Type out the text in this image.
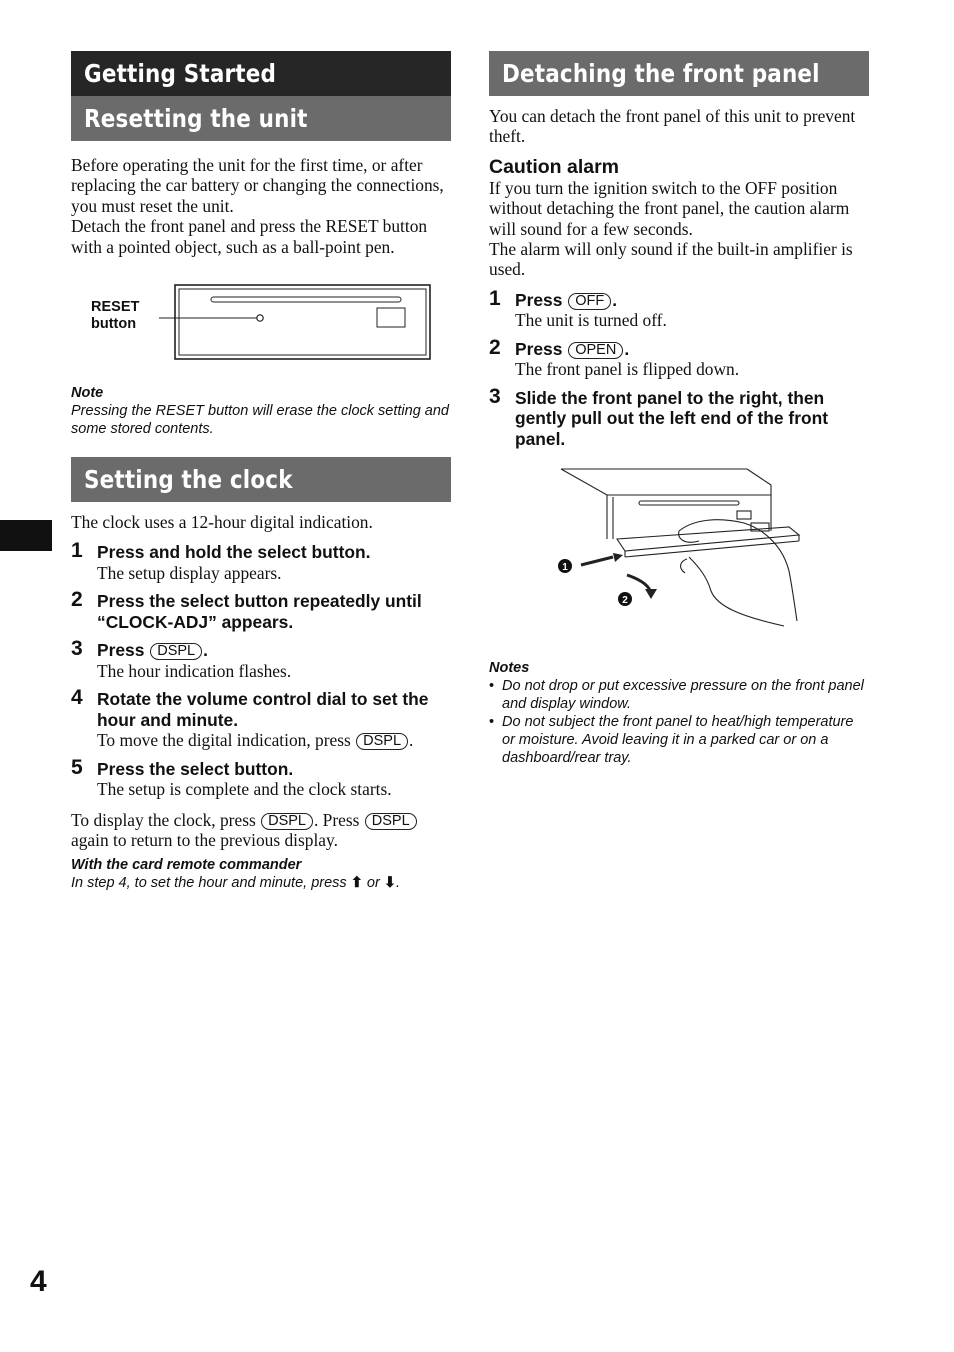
Getting Started
Resetting the unit

Before operating the unit for the first time, or after replacing the car battery or changing the connections, you must reset the unit.

Detach the front panel and press the RESET button with a pointed object, such as a ball-point pen.

RESET
button
Note
Pressing the RESET button will erase the clock setting and some stored contents.
Setting the clock

The clock uses a 12-hour digital indication.

1 Press and hold the select button.
The setup display appears.
2 Press the select button repeatedly until “CLOCK-ADJ” appears.
3 Press DSPL .
The hour indication flashes.
4 Rotate the volume control dial to set the hour and minute.
To move the digital indication, press DSPL .
5 Press the select button.
The setup is complete and the clock starts.

To display the clock, press DSPL . Press DSPL again to return to the previous display.

With the card remote commander
In step 4, to set the hour and minute, press ⬆ or ⬇.
Detaching the front panel

You can detach the front panel of this unit to prevent theft.

Caution alarm

If you turn the ignition switch to the OFF position without detaching the front panel, the caution alarm will sound for a few seconds.

The alarm will only sound if the built-in amplifier is used.

1 Press OFF .
The unit is turned off.
2 Press OPEN .
The front panel is flipped down.
3 Slide the front panel to the right, then gently pull out the left end of the front panel.
1
2
Notes
• Do not drop or put excessive pressure on the front panel and display window.
• Do not subject the front panel to heat/high temperature or moisture. Avoid leaving it in a parked car or on a dashboard/rear tray.
4
